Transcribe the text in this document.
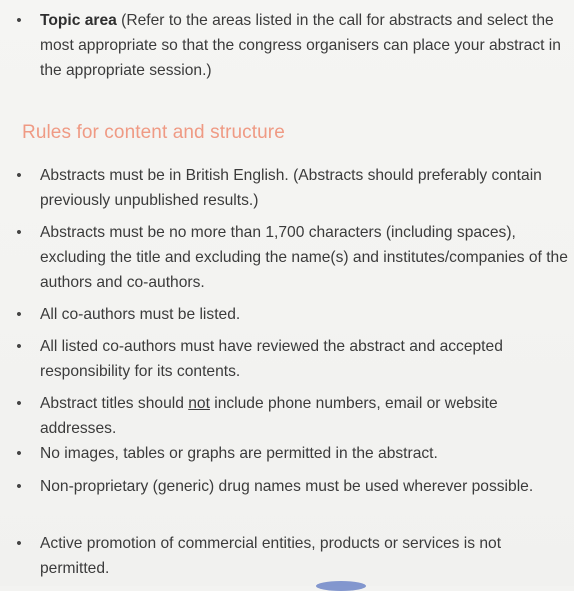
• Topic area (Refer to the areas listed in the call for abstracts and select the most appropriate so that the congress organisers can place your abstract in the appropriate session.)
Rules for content and structure
• Abstracts must be in British English. (Abstracts should preferably contain previously unpublished results.)
• Abstracts must be no more than 1,700 characters (including spaces), excluding the title and excluding the name(s) and institutes/companies of the authors and co-authors.
• All co-authors must be listed.
• All listed co-authors must have reviewed the abstract and accepted responsibility for its contents.
• Abstract titles should not include phone numbers, email or website addresses.
• No images, tables or graphs are permitted in the abstract.
• Non-proprietary (generic) drug names must be used wherever possible.
• Active promotion of commercial entities, products or services is not permitted.
